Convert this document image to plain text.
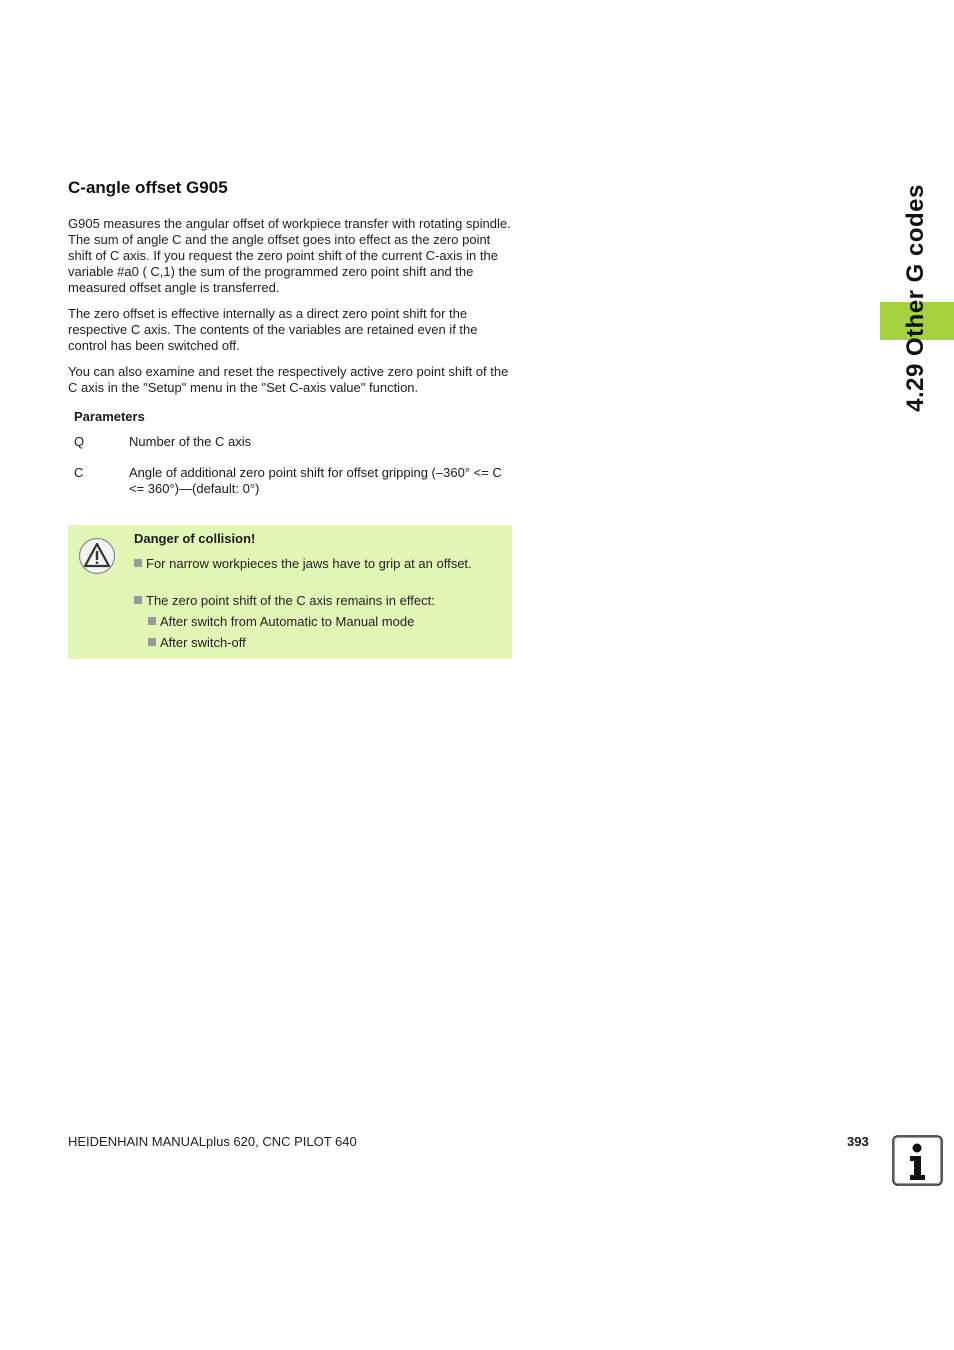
C-angle offset G905

G905 measures the angular offset of workpiece transfer with rotating spindle. The sum of angle C and the angle offset goes into effect as the zero point shift of C axis. If you request the zero point shift of the current C-axis in the variable #a0 ( C,1) the sum of the programmed zero point shift and the measured offset angle is transferred.

The zero offset is effective internally as a direct zero point shift for the respective C axis. The contents of the variables are retained even if the control has been switched off.

You can also examine and reset the respectively active zero point shift of the C axis in the "Setup" menu in the "Set C-axis value" function.

Parameters
Q	Number of the C axis
C	Angle of additional zero point shift for offset gripping (–360° <= C <= 360°)—(default: 0°)
Danger of collision!
For narrow workpieces the jaws have to grip at an offset.
The zero point shift of the C axis remains in effect:
After switch from Automatic to Manual mode
After switch-off
4.29 Other G codes
HEIDENHAIN MANUALplus 620, CNC PILOT 640	393
